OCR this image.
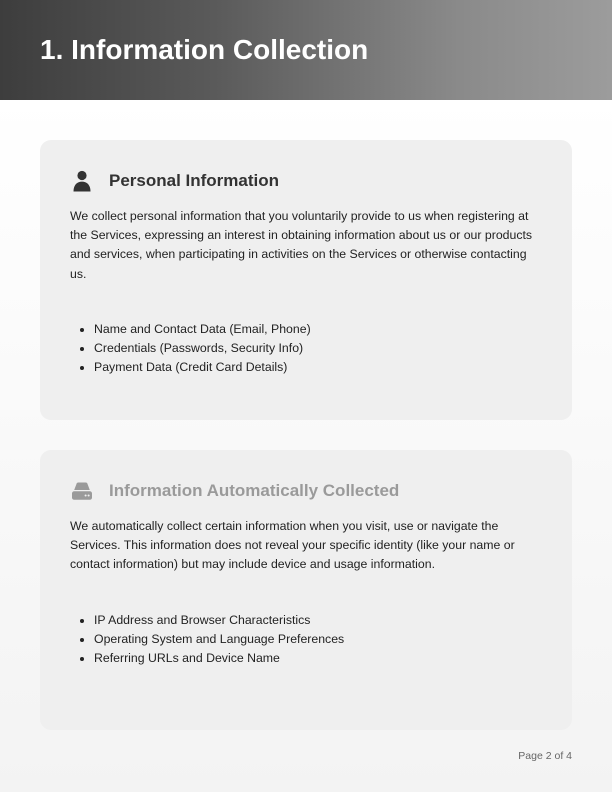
1. Information Collection
Personal Information

We collect personal information that you voluntarily provide to us when registering at the Services, expressing an interest in obtaining information about us or our products and services, when participating in activities on the Services or otherwise contacting us.

• Name and Contact Data (Email, Phone)
• Credentials (Passwords, Security Info)
• Payment Data (Credit Card Details)
Information Automatically Collected

We automatically collect certain information when you visit, use or navigate the Services. This information does not reveal your specific identity (like your name or contact information) but may include device and usage information.

• IP Address and Browser Characteristics
• Operating System and Language Preferences
• Referring URLs and Device Name
Page 2 of 4
